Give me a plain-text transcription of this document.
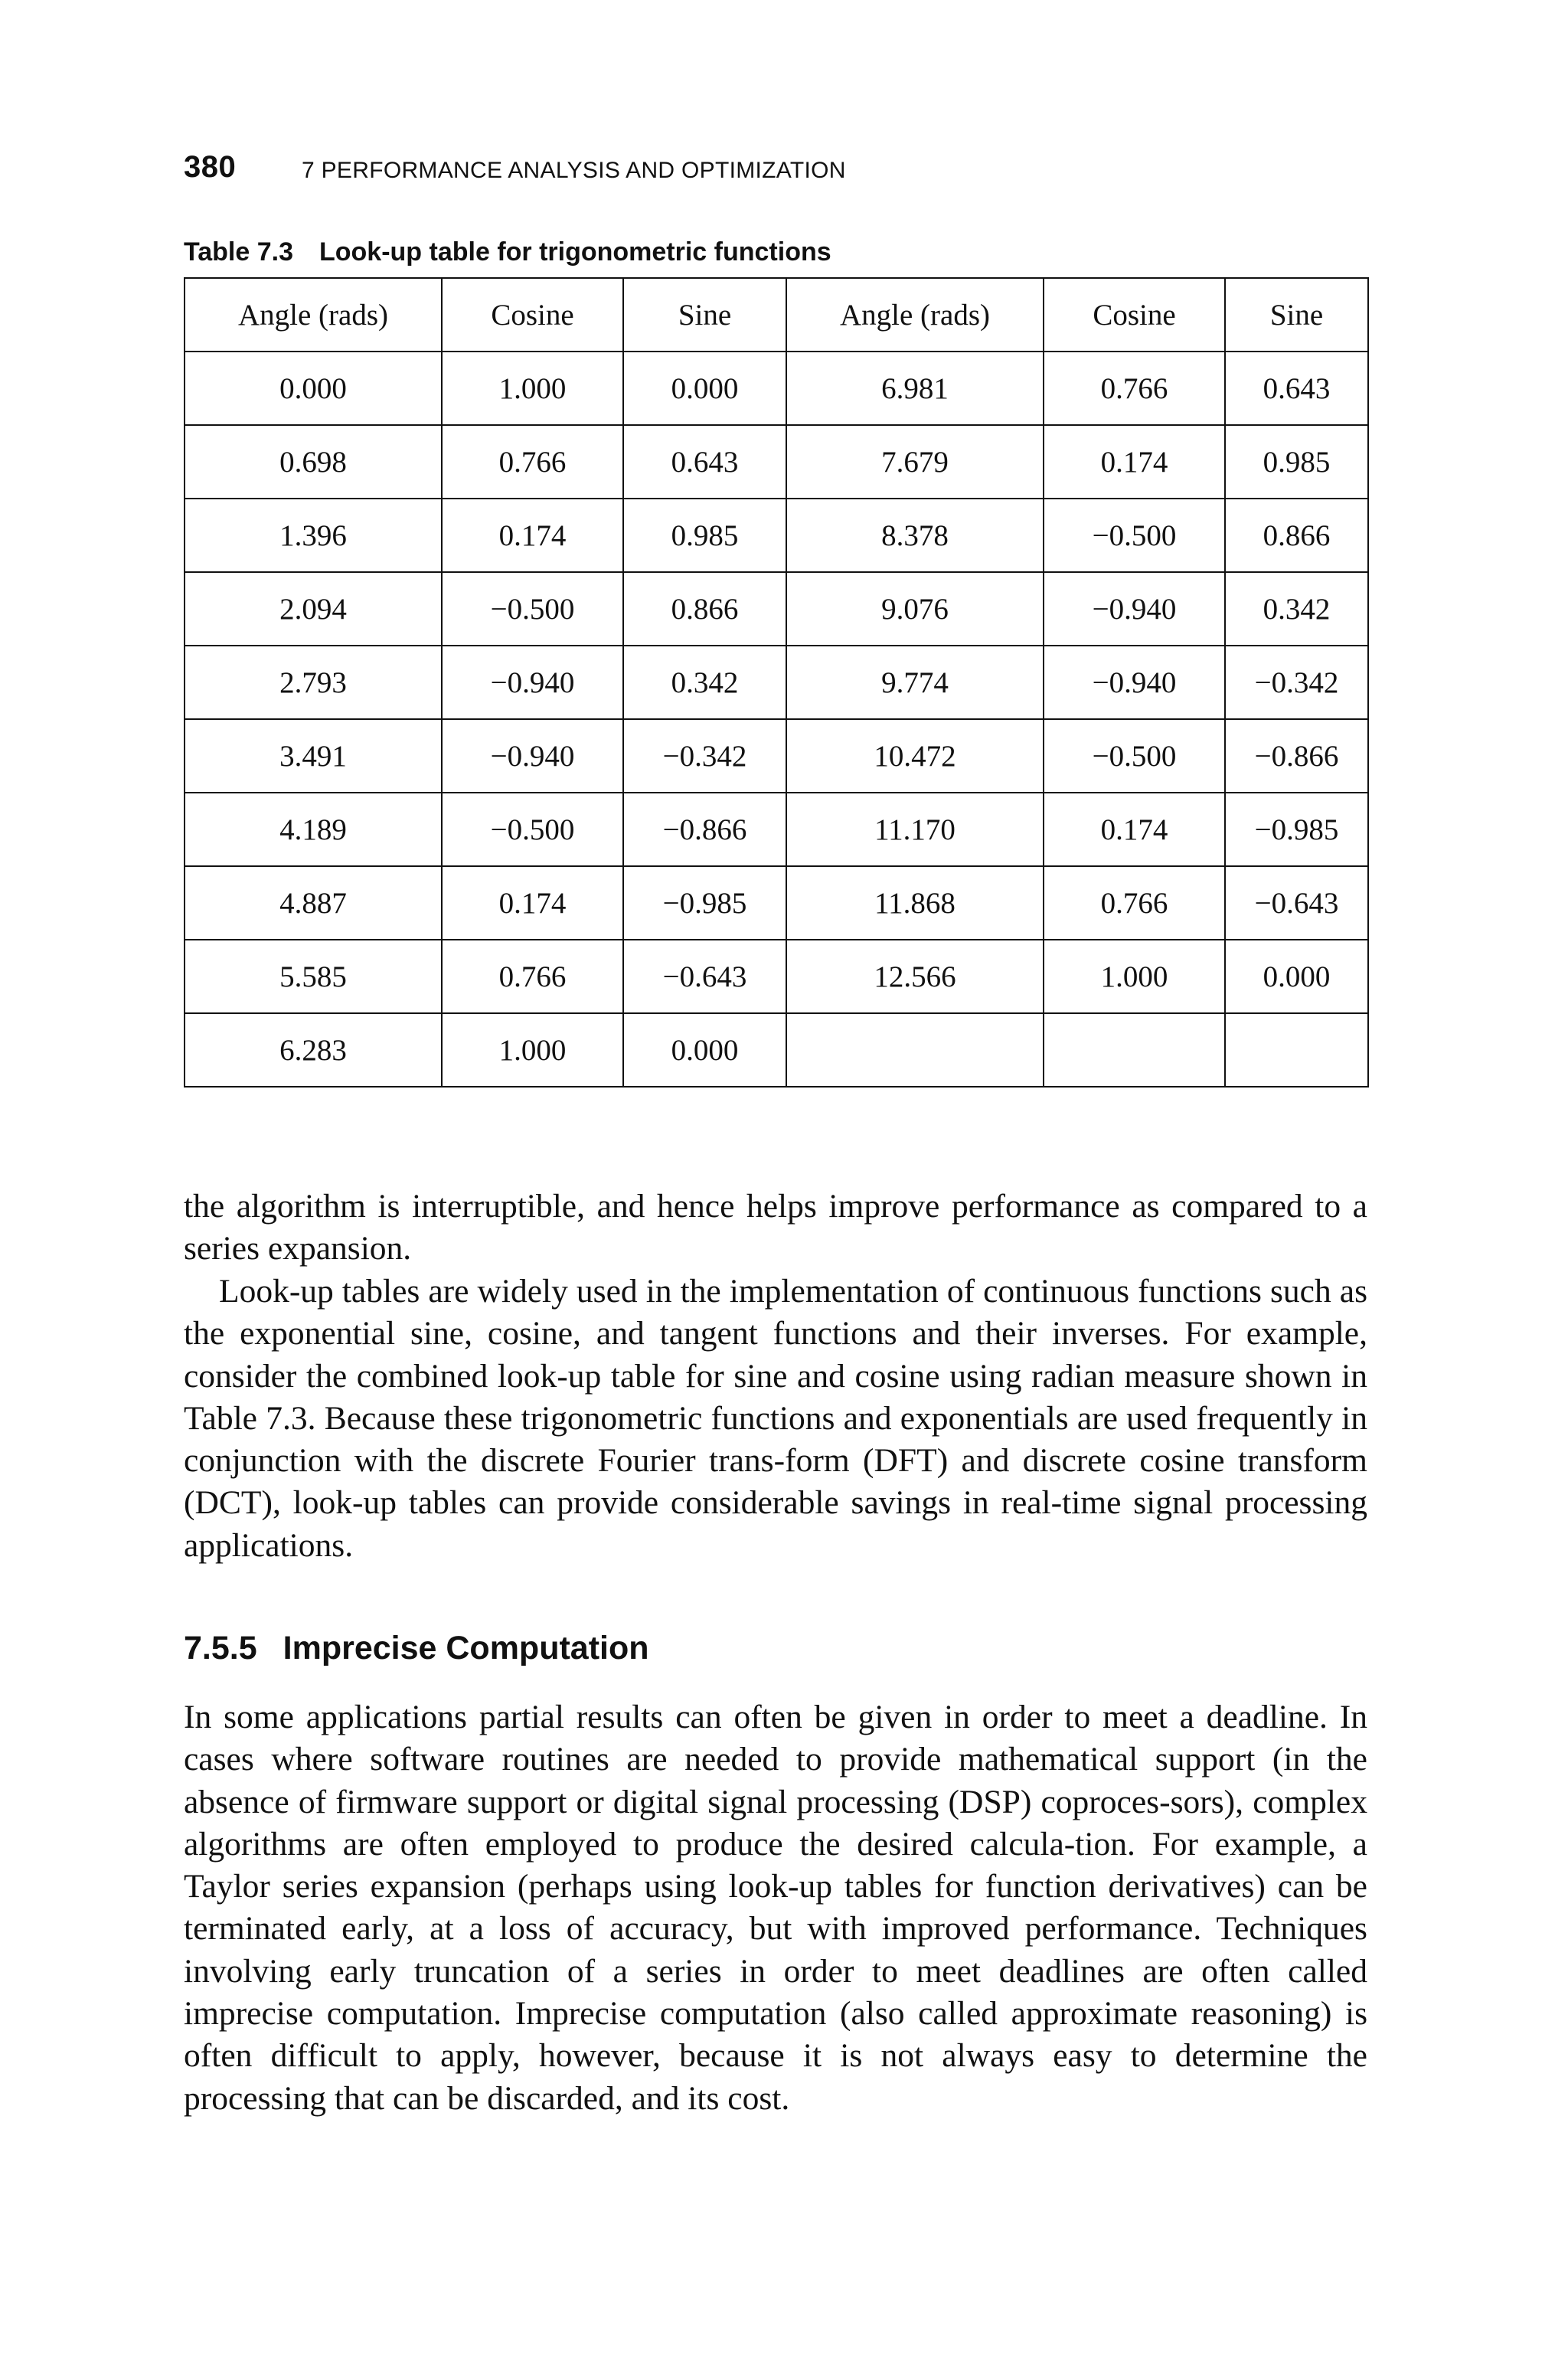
380	7 PERFORMANCE ANALYSIS AND OPTIMIZATION
Table 7.3 Look-up table for trigonometric functions
Angle (rads)	Cosine	Sine	Angle (rads)	Cosine	Sine
0.000	1.000	0.000	6.981	0.766	0.643
0.698	0.766	0.643	7.679	0.174	0.985
1.396	0.174	0.985	8.378	−0.500	0.866
2.094	−0.500	0.866	9.076	−0.940	0.342
2.793	−0.940	0.342	9.774	−0.940	−0.342
3.491	−0.940	−0.342	10.472	−0.500	−0.866
4.189	−0.500	−0.866	11.170	0.174	−0.985
4.887	0.174	−0.985	11.868	0.766	−0.643
5.585	0.766	−0.643	12.566	1.000	0.000
6.283	1.000	0.000			

the algorithm is interruptible, and hence helps improve performance as compared to a series expansion.

Look-up tables are widely used in the implementation of continuous functions such as the exponential sine, cosine, and tangent functions and their inverses. For example, consider the combined look-up table for sine and cosine using radian measure shown in Table 7.3. Because these trigonometric functions and exponentials are used frequently in conjunction with the discrete Fourier trans-form (DFT) and discrete cosine transform (DCT), look-up tables can provide considerable savings in real-time signal processing applications.

7.5.5 Imprecise Computation

In some applications partial results can often be given in order to meet a deadline. In cases where software routines are needed to provide mathematical support (in the absence of firmware support or digital signal processing (DSP) coproces-sors), complex algorithms are often employed to produce the desired calcula-tion. For example, a Taylor series expansion (perhaps using look-up tables for function derivatives) can be terminated early, at a loss of accuracy, but with improved performance. Techniques involving early truncation of a series in order to meet deadlines are often called imprecise computation. Imprecise computation (also called approximate reasoning) is often difficult to apply, however, because it is not always easy to determine the processing that can be discarded, and its cost.
